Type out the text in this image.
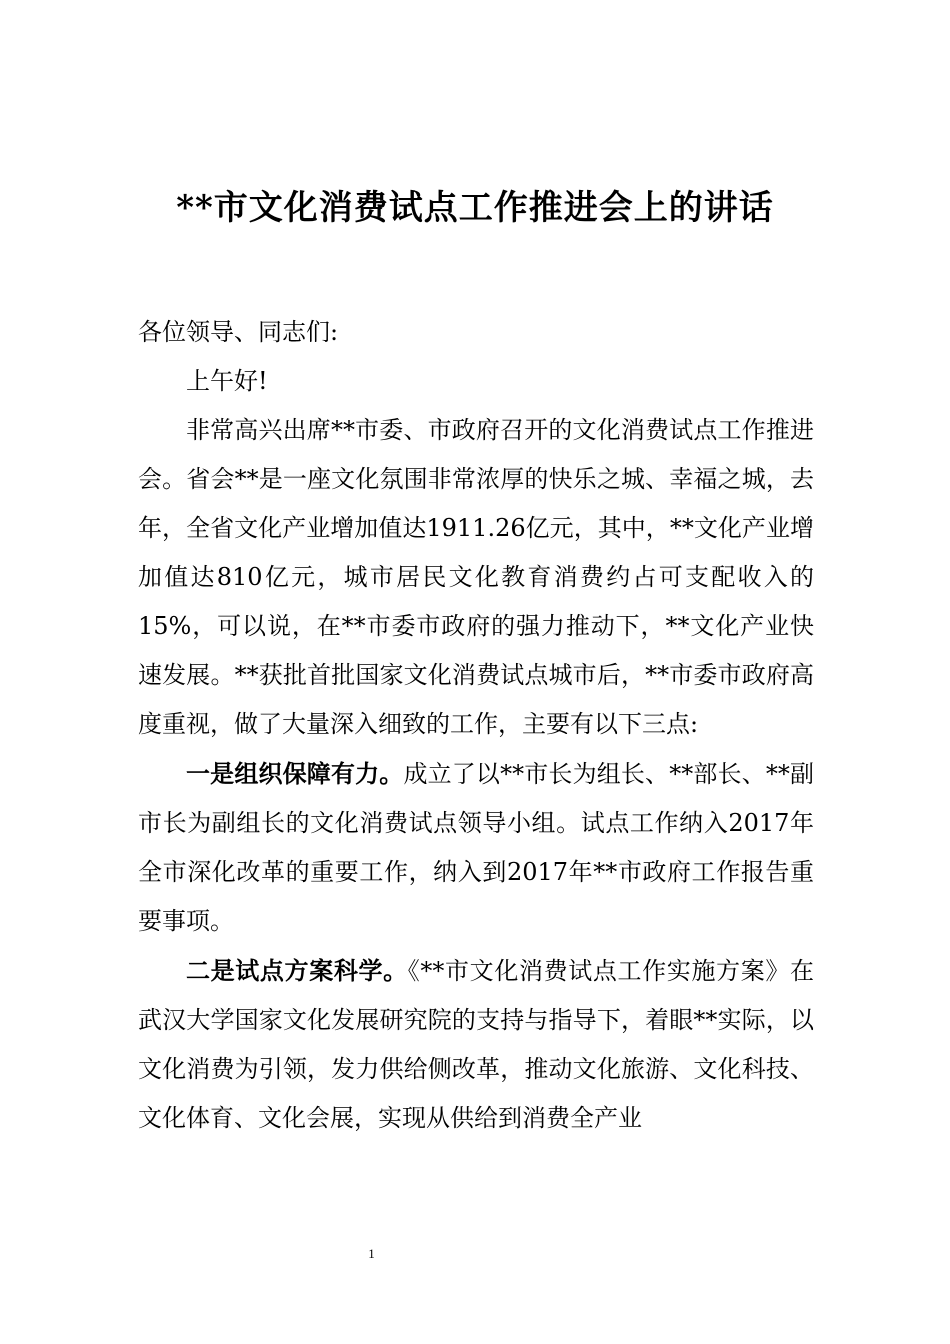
**市文化消费试点工作推进会上的讲话

各位领导、同志们:

上午好!

非常高兴出席**市委、市政府召开的文化消费试点工作推进会。省会**是一座文化氛围非常浓厚的快乐之城、幸福之城，去年，全省文化产业增加值达1911.26亿元，其中，**文化产业增加值达810亿元，城市居民文化教育消费约占可支配收入的15%，可以说，在**市委市政府的强力推动下，**文化产业快速发展。**获批首批国家文化消费试点城市后，**市委市政府高度重视，做了大量深入细致的工作，主要有以下三点:

一是组织保障有力。成立了以**市长为组长、**部长、**副市长为副组长的文化消费试点领导小组。试点工作纳入2017年全市深化改革的重要工作，纳入到2017年**市政府工作报告重要事项。

二是试点方案科学。《**市文化消费试点工作实施方案》在武汉大学国家文化发展研究院的支持与指导下，着眼**实际，以文化消费为引领，发力供给侧改革，推动文化旅游、文化科技、文化体育、文化会展，实现从供给到消费全产业

1
